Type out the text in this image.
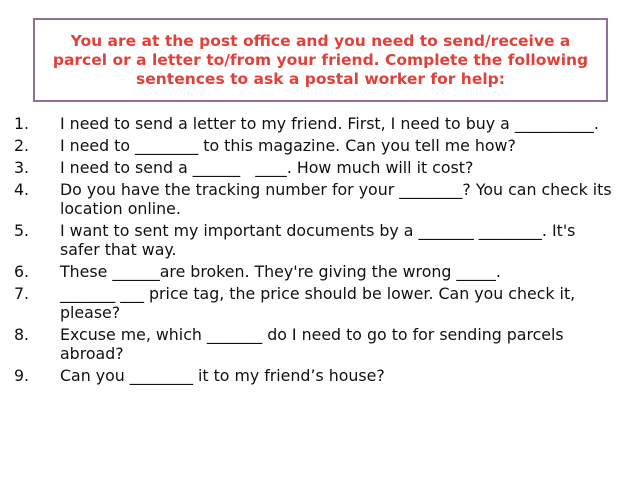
You are at the post office and you need to send/receive a parcel or a letter to/from your friend. Complete the following sentences to ask a postal worker for help:
1.	I need to send a letter to my friend. First, I need to buy a __________.
2.	I need to ________ to this magazine. Can you tell me how?
3.	I need to send a ______   ____. How much will it cost?
4.	Do you have the tracking number for your ________? You can check its location online.
5.	I want to sent my important documents by a _______ ________. It's safer that way.
6.	These ______are broken. They're giving the wrong _____.
7.	_______ ___ price tag, the price should be lower. Can you check it, please?
8.	Excuse me, which _______ do I need to go to for sending parcels abroad?
9.	Can you ________ it to my friend’s house?
